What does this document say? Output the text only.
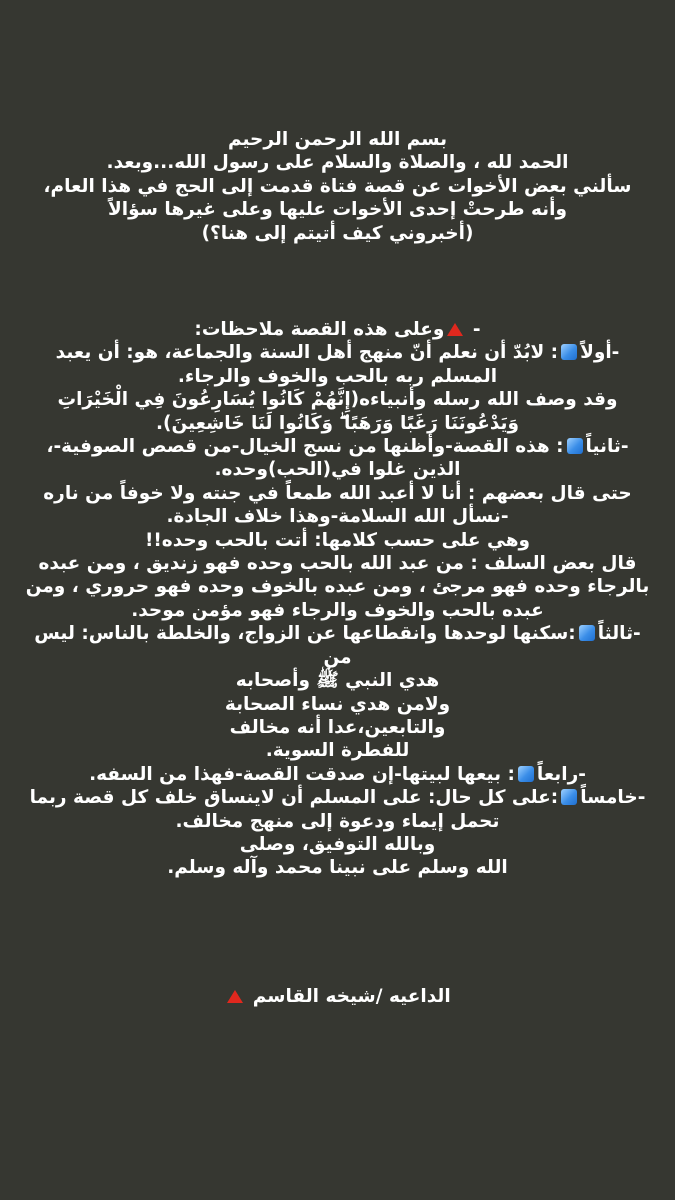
بسم الله الرحمن الرحيم
الحمد لله ، والصلاة والسلام على رسول الله...وبعد.
سألني بعض الأخوات عن قصة فتاة قدمت إلى الحج في هذا العام،
وأنه طرحتْ إحدى الأخوات عليها وعلى غيرها سؤالاً
(أخبروني كيف أتيتم إلى هنا؟)
- وعلى هذه القصة ملاحظات:
-أولاً: لابُدّ أن نعلم أنّ منهج أهل السنة والجماعة، هو: أن يعبد
المسلم ربه بالحب والخوف والرجاء.
وقد وصف الله رسله وأنبياءه(إِنَّهُمْ كَانُوا يُسَارِعُونَ فِي الْخَيْرَاتِ
وَيَدْعُونَنَا رَغَبًا وَرَهَبًا ۖ وَكَانُوا لَنَا خَاشِعِينَ).
-ثانياً: هذه القصة-وأظنها من نسج الخيال-من قصص الصوفية-،
الذين غلوا في(الحب)وحده.
حتى قال بعضهم : أنا لا أعبد الله طمعاً في جنته ولا خوفاً من ناره
-نسأل الله السلامة-وهذا خلاف الجادة.
وهي على حسب كلامها: أتت بالحب وحده!!
قال بعض السلف : من عبد الله بالحب وحده فهو زنديق ، ومن عبده
بالرجاء وحده فهو مرجئ ، ومن عبده بالخوف وحده فهو حروري ، ومن
عبده بالحب والخوف والرجاء فهو مؤمن موحد.
-ثالثاً:سكنها لوحدها وانقطاعها عن الزواج، والخلطة بالناس: ليس
من
هدي النبي ﷺ وأصحابه
ولامن هدي نساء الصحابة
والتابعين،عدا أنه مخالف
للفطرة السوية.
-رابعاً: بيعها لبيتها-إن صدقت القصة-فهذا من السفه.
-خامساً:على كل حال: على المسلم أن لاينساق خلف كل قصة ربما
تحمل إيماء ودعوة إلى منهج مخالف.
وبالله التوفيق، وصلى
الله وسلم على نبينا محمد وآله وسلم.
الداعيه /شيخه القاسم
